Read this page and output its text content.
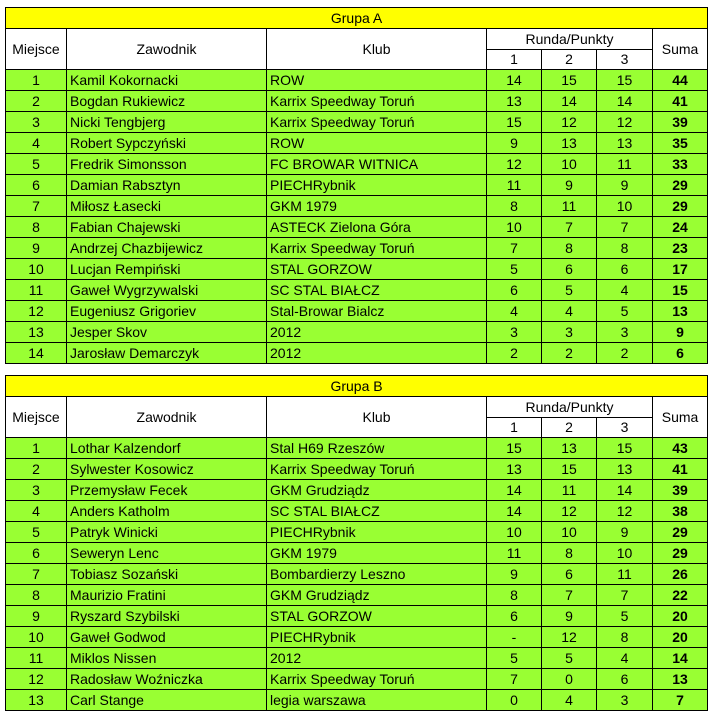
Grupa A						
Miejsce	Zawodnik	Klub	Runda/Punkty			Suma
			1	2	3	
1	Kamil Kokornacki	ROW	14	15	15	44
2	Bogdan Rukiewicz	Karrix Speedway Toruń	13	14	14	41
3	Nicki Tengbjerg	Karrix Speedway Toruń	15	12	12	39
4	Robert Sypczyński	ROW	9	13	13	35
5	Fredrik Simonsson	FC BROWAR WITNICA	12	10	11	33
6	Damian Rabsztyn	PIECHRybnik	11	9	9	29
7	Miłosz Łasecki	GKM 1979	8	11	10	29
8	Fabian Chajewski	ASTECK Zielona Góra	10	7	7	24
9	Andrzej Chazbijewicz	Karrix Speedway Toruń	7	8	8	23
10	Lucjan Rempiński	STAL GORZOW	5	6	6	17
11	Gaweł Wygrzywalski	SC STAL BIAŁCZ	6	5	4	15
12	Eugeniusz Grigoriev	Stal-Browar Bialcz	4	4	5	13
13	Jesper Skov	2012	3	3	3	9
14	Jarosław Demarczyk	2012	2	2	2	6
Grupa B						
Miejsce	Zawodnik	Klub	Runda/Punkty			Suma
			1	2	3	
1	Lothar Kalzendorf	Stal H69 Rzeszów	15	13	15	43
2	Sylwester Kosowicz	Karrix Speedway Toruń	13	15	13	41
3	Przemysław Fecek	GKM Grudziądz	14	11	14	39
4	Anders Katholm	SC STAL BIAŁCZ	14	12	12	38
5	Patryk Winicki	PIECHRybnik	10	10	9	29
6	Seweryn Lenc	GKM 1979	11	8	10	29
7	Tobiasz Sozański	Bombardierzy Leszno	9	6	11	26
8	Maurizio Fratini	GKM Grudziądz	8	7	7	22
9	Ryszard Szybilski	STAL GORZOW	6	9	5	20
10	Gaweł Godwod	PIECHRybnik	-	12	8	20
11	Miklos Nissen	2012	5	5	4	14
12	Radosław Woźniczka	Karrix Speedway Toruń	7	0	6	13
13	Carl Stange	legia warszawa	0	4	3	7
